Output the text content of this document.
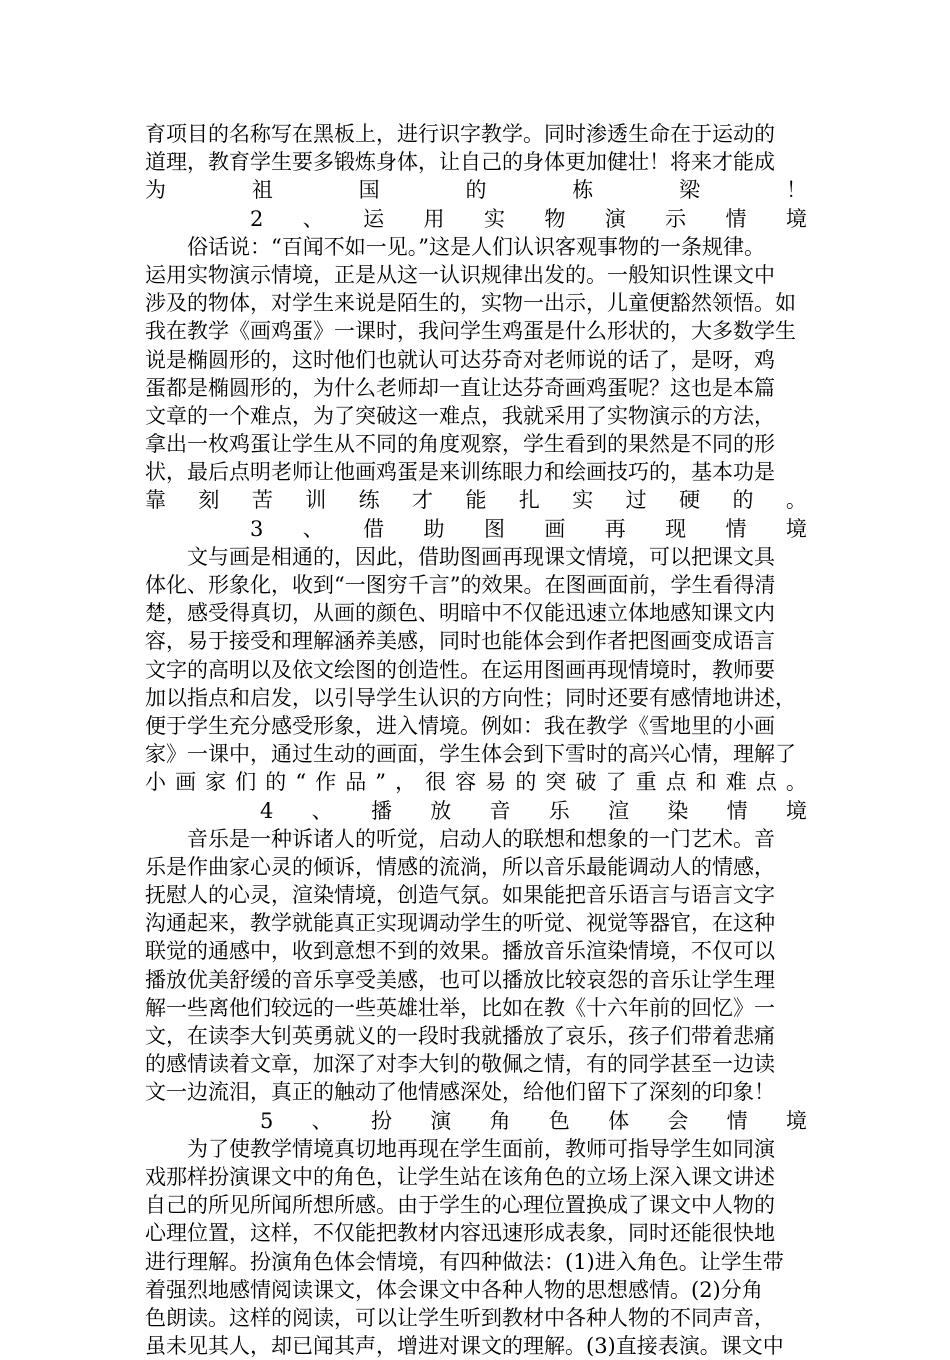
育项目的名称写在黑板上，进行识字教学。同时渗透生命在于运动的
道理，教育学生要多锻炼身体，让自己的身体更加健壮！将来才能成
为	祖	国	的	栋	梁	！
2 、 运 用 实 物 演 示 情 境
俗话说：“百闻不如一见。”这是人们认识客观事物的一条规律。
运用实物演示情境，正是从这一认识规律出发的。一般知识性课文中
涉及的物体，对学生来说是陌生的，实物一出示，儿童便豁然领悟。如
我在教学《画鸡蛋》一课时，我问学生鸡蛋是什么形状的，大多数学生
说是椭圆形的，这时他们也就认可达芬奇对老师说的话了，是呀，鸡
蛋都是椭圆形的，为什么老师却一直让达芬奇画鸡蛋呢？这也是本篇
文章的一个难点，为了突破这一难点，我就采用了实物演示的方法，
拿出一枚鸡蛋让学生从不同的角度观察，学生看到的果然是不同的形
状，最后点明老师让他画鸡蛋是来训练眼力和绘画技巧的，基本功是
靠 刻 苦 训 练 才 能 扎 实 过 硬 的 。
3 、 借 助 图 画 再 现 情 境
文与画是相通的，因此，借助图画再现课文情境，可以把课文具
体化、形象化，收到“一图穷千言”的效果。在图画面前，学生看得清
楚，感受得真切，从画的颜色、明暗中不仅能迅速立体地感知课文内
容，易于接受和理解涵养美感，同时也能体会到作者把图画变成语言
文字的高明以及依文绘图的创造性。在运用图画再现情境时，教师要
加以指点和启发，以引导学生认识的方向性；同时还要有感情地讲述，
便于学生充分感受形象，进入情境。例如：我在教学《雪地里的小画
家》一课中，通过生动的画面，学生体会到下雪时的高兴心情，理解了
小 画 家 们 的 “ 作 品 ” ， 很 容 易 的 突 破 了 重 点 和 难 点 。
4 、 播 放 音 乐 渲 染 情 境
音乐是一种诉诸人的听觉，启动人的联想和想象的一门艺术。音
乐是作曲家心灵的倾诉，情感的流淌，所以音乐最能调动人的情感，
抚慰人的心灵，渲染情境，创造气氛。如果能把音乐语言与语言文字
沟通起来，教学就能真正实现调动学生的听觉、视觉等器官，在这种
联觉的通感中，收到意想不到的效果。播放音乐渲染情境，不仅可以
播放优美舒缓的音乐享受美感，也可以播放比较哀怨的音乐让学生理
解一些离他们较远的一些英雄壮举，比如在教《十六年前的回忆》一
文，在读李大钊英勇就义的一段时我就播放了哀乐，孩子们带着悲痛
的感情读着文章，加深了对李大钊的敬佩之情，有的同学甚至一边读
文一边流泪，真正的触动了他情感深处，给他们留下了深刻的印象！
5 、 扮 演 角 色 体 会 情 境
为了使教学情境真切地再现在学生面前，教师可指导学生如同演
戏那样扮演课文中的角色，让学生站在该角色的立场上深入课文讲述
自己的所见所闻所想所感。由于学生的心理位置换成了课文中人物的
心理位置，这样，不仅能把教材内容迅速形成表象，同时还能很快地
进行理解。扮演角色体会情境，有四种做法：(1)进入角色。让学生带
着强烈地感情阅读课文，体会课文中各种人物的思想感情。(2)分角
色朗读。这样的阅读，可以让学生听到教材中各种人物的不同声音，
虽未见其人，却已闻其声，增进对课文的理解。(3)直接表演。课文中
